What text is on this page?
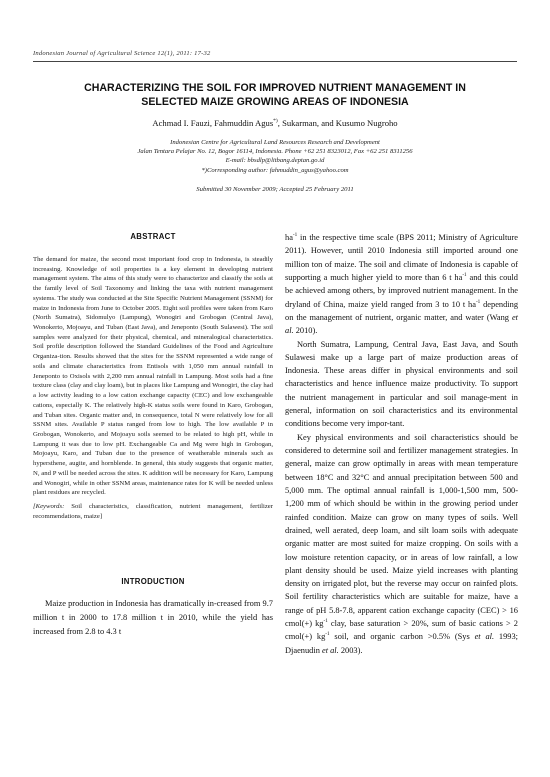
Indonesian Journal of Agricultural Science 12(1), 2011: 17-32
CHARACTERIZING THE SOIL FOR IMPROVED NUTRIENT MANAGEMENT IN
SELECTED MAIZE GROWING AREAS OF INDONESIA
Achmad I. Fauzi, Fahmuddin Agus*), Sukarman, and Kusumo Nugroho
Indonesian Centre for Agricultural Land Resources Research and Development
Jalan Tentara Pelajar No. 12, Bogor 16114, Indonesia. Phone +62 251 8323012, Fax +62 251 8311256
E-mail: bbsdlp@litbang.deptan.go.id
*)Corresponding author: fahmuddin_agus@yahoo.com
Submitted 30 November 2009; Accepted 25 February 2011
ABSTRACT
The demand for maize, the second most important food crop in Indonesia, is steadily increasing. Knowledge of soil properties is a key element in developing nutrient management system. The aims of this study were to characterize and classify the soils at the family level of Soil Taxonomy and linking the taxa with nutrient management systems. The study was conducted at the Site Specific Nutrient Management (SSNM) for maize in Indonesia from June to October 2005. Eight soil profiles were taken from Karo (North Sumatra), Sidomulyo (Lampung), Wonogiri and Grobogan (Central Java), Wonokerto, Mojoayu, and Tuban (East Java), and Jeneponto (South Sulawesi). The soil samples were analyzed for their physical, chemical, and mineralogical characteristics. Soil profile description followed the Standard Guidelines of the Food and Agriculture Organiza-tion. Results showed that the sites for the SSNM represented a wide range of soils and climate characteristics from Entisols with 1,050 mm annual rainfall in Jeneponto to Oxisols with 2,200 mm annual rainfall in Lampung. Most soils had a fine texture class (clay and clay loam), but in places like Lampung and Wonogiri, the clay had a low activity leading to a low cation exchange capacity (CEC) and low exchangeable cations, especially K. The relatively high-K status soils were found in Karo, Grobogan, and Tuban sites. Organic matter and, in consequence, total N were relatively low for all SSNM sites. Available P status ranged from low to high. The low available P in Grobogan, Wonokerto, and Mojoayu soils seemed to be related to high pH, while in Lampung it was due to low pH. Exchangeable Ca and Mg were high in Grobogan, Mojoayu, Karo, and Tuban due to the presence of weatherable minerals such as hypersthene, augite, and hornblende. In general, this study suggests that organic matter, N, and P will be needed across the sites. K addition will be necessary for Karo, Lampung and Wonogiri, while in other SSNM areas, maintenance rates for K will be needed unless plant residues are recycled.
[Keywords: Soil characteristics, classification, nutrient management, fertilizer recommendations, maize]
INTRODUCTION
Maize production in Indonesia has dramatically in-creased from 9.7 million t in 2000 to 17.8 million t in 2010, while the yield has increased from 2.8 to 4.3 t

$ha^{-1}$ in the respective time scale (BPS 2011; Ministry of Agriculture 2011). However, until 2010 Indonesia still imported around one million ton of maize. The soil and climate of Indonesia is capable of supporting a much higher yield to more than 6 t $ha^{-1}$ and this could be achieved among others, by improved nutrient management. In the dryland of China, maize yield ranged from 3 to 10 t $ha^{-1}$ depending on the management of nutrient, organic matter, and water (Wang et al. 2010).

North Sumatra, Lampung, Central Java, East Java, and South Sulawesi make up a large part of maize production areas of Indonesia. These areas differ in physical environments and soil characteristics and hence influence maize productivity. To support the nutrient management in particular and soil manage-ment in general, information on soil characteristics and its environmental conditions become very impor-tant.

Key physical environments and soil characteristics should be considered to determine soil and fertilizer management strategies. In general, maize can grow optimally in areas with mean temperature between 18°C and 32°C and annual precipitation between 500 and 5,000 mm. The optimal annual rainfall is 1,000-1,500 mm, 500-1,200 mm of which should be within in the growing period under rainfed condition. Maize can grow on many types of soils. Well drained, well aerated, deep loam, and silt loam soils with adequate organic matter are most suited for maize cropping. On soils with a low moisture retention capacity, or in areas of low rainfall, a low plant density should be used. Maize yield increases with planting density on irrigated plot, but the reverse may occur on rainfed plots. Soil fertility characteristics which are suitable for maize, have a range of pH 5.8-7.8, apparent cation exchange capacity (CEC) > 16 cmol(+) $kg^{-1}$ clay, base saturation > 20%, sum of basic cations > 2 cmol(+) $kg^{-1}$ soil, and organic carbon >0.5% (Sys et al. 1993; Djaenudin et al. 2003).
